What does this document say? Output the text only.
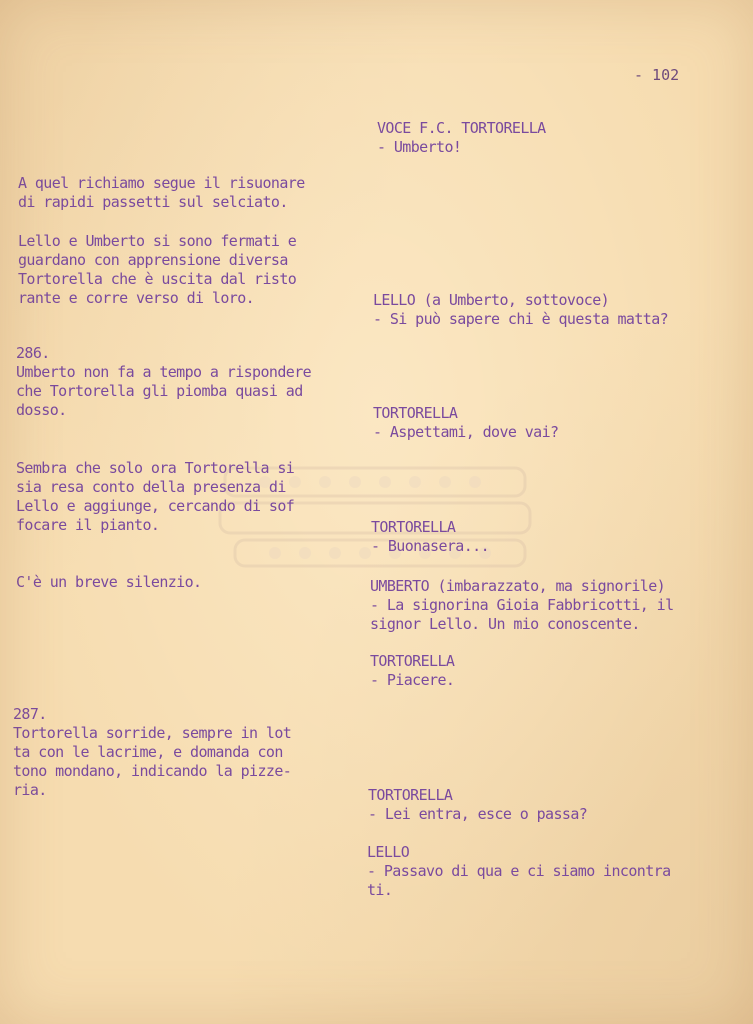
- 102
A quel richiamo segue il risuonare
di rapidi passetti sul selciato.
Lello e Umberto si sono fermati e
guardano con apprensione diversa
Tortorella che è uscita dal risto
rante e corre verso di loro.
286.
Umberto non fa a tempo a rispondere
che Tortorella gli piomba quasi ad
dosso.
Sembra che solo ora Tortorella si
sia resa conto della presenza di
Lello e aggiunge, cercando di sof
focare il pianto.
C'è un breve silenzio.
287.
Tortorella sorride, sempre in lot
ta con le lacrime, e domanda con
tono mondano, indicando la pizze-
ria.
VOCE F.C. TORTORELLA
- Umberto!
LELLO (a Umberto, sottovoce)
- Si può sapere chi è questa matta?
TORTORELLA
- Aspettami, dove vai?
TORTORELLA
- Buonasera...
UMBERTO (imbarazzato, ma signorile)
- La signorina Gioia Fabbricotti, il
signor Lello. Un mio conoscente.
TORTORELLA
- Piacere.
TORTORELLA
- Lei entra, esce o passa?
LELLO
- Passavo di qua e ci siamo incontra
ti.
